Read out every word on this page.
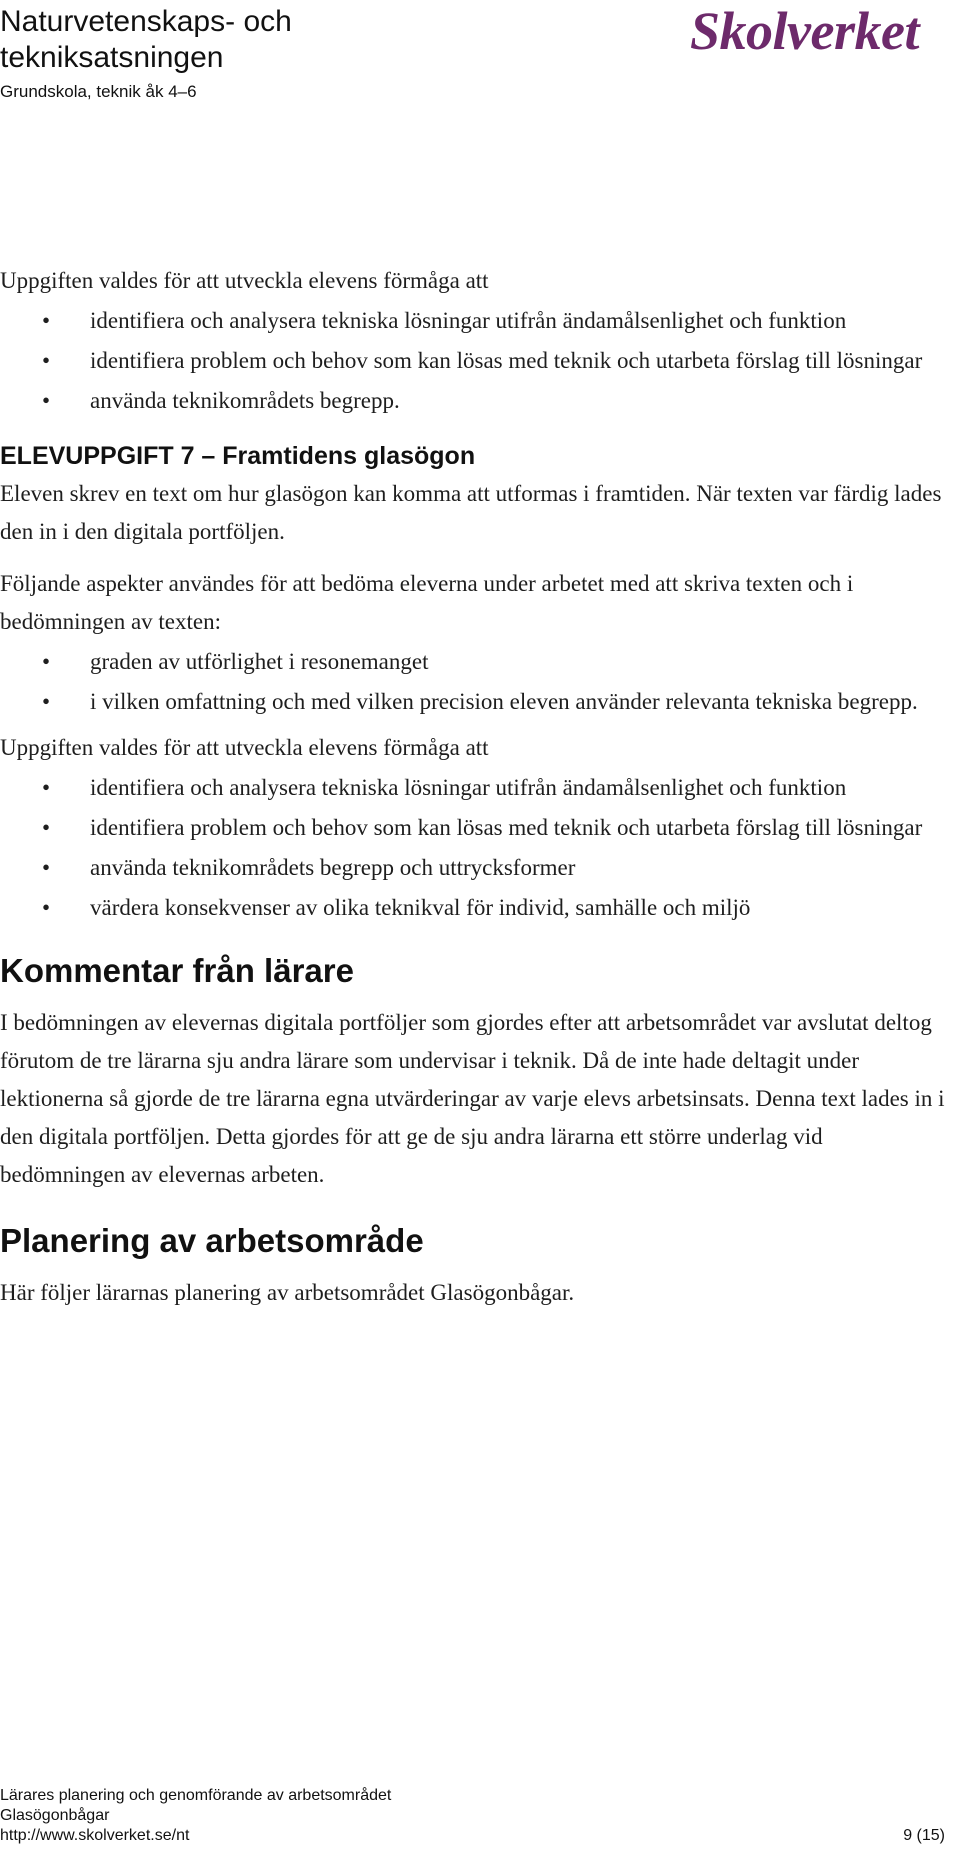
Naturvetenskaps- och tekniksatsningen
Grundskola, teknik åk 4–6
Skolverket

Uppgiften valdes för att utveckla elevens förmåga att

• identifiera och analysera tekniska lösningar utifrån ändamålsenlighet och funktion
• identifiera problem och behov som kan lösas med teknik och utarbeta förslag till lösningar
• använda teknikområdets begrepp.
ELEVUPPGIFT 7 – Framtidens glasögon

Eleven skrev en text om hur glasögon kan komma att utformas i framtiden. När texten var färdig lades den in i den digitala portföljen.

Följande aspekter användes för att bedöma eleverna under arbetet med att skriva texten och i bedömningen av texten:

• graden av utförlighet i resonemanget
• i vilken omfattning och med vilken precision eleven använder relevanta tekniska begrepp.

Uppgiften valdes för att utveckla elevens förmåga att

• identifiera och analysera tekniska lösningar utifrån ändamålsenlighet och funktion
• identifiera problem och behov som kan lösas med teknik och utarbeta förslag till lösningar
• använda teknikområdets begrepp och uttrycksformer
• värdera konsekvenser av olika teknikval för individ, samhälle och miljö
Kommentar från lärare

I bedömningen av elevernas digitala portföljer som gjordes efter att arbetsområdet var avslutat deltog förutom de tre lärarna sju andra lärare som undervisar i teknik. Då de inte hade deltagit under lektionerna så gjorde de tre lärarna egna utvärderingar av varje elevs arbetsinsats. Denna text lades in i den digitala portföljen. Detta gjordes för att ge de sju andra lärarna ett större underlag vid bedömningen av elevernas arbeten.

Planering av arbetsområde

Här följer lärarnas planering av arbetsområdet Glasögonbågar.

Lärares planering och genomförande av arbetsområdet
Glasögonbågar
http://www.skolverket.se/nt	9 (15)
